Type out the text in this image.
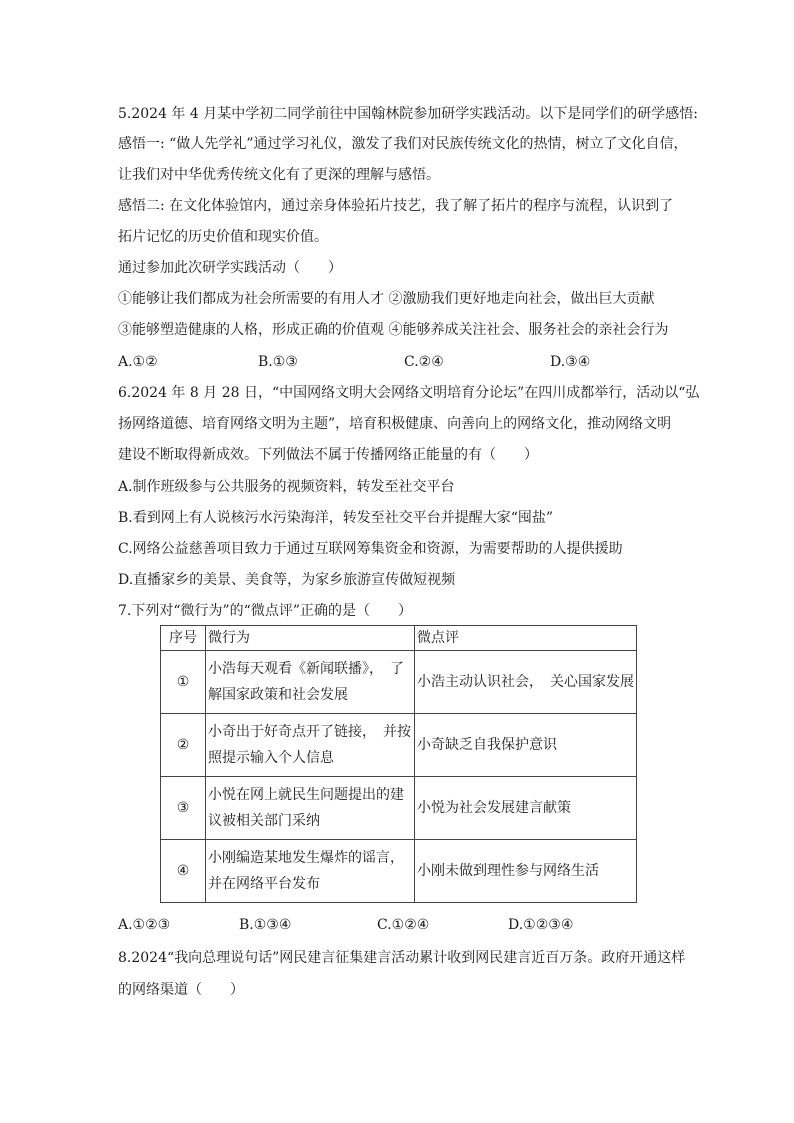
5.2024 年 4 月某中学初二同学前往中国翰林院参加研学实践活动。以下是同学们的研学感悟:
感悟一: “做人先学礼”通过学习礼仪，激发了我们对民族传统文化的热情，树立了文化自信，
让我们对中华优秀传统文化有了更深的理解与感悟。
感悟二: 在文化体验馆内，通过亲身体验拓片技艺，我了解了拓片的程序与流程，认识到了
拓片记忆的历史价值和现实价值。
通过参加此次研学实践活动（　　）
①能够让我们都成为社会所需要的有用人才 ②激励我们更好地走向社会，做出巨大贡献
③能够塑造健康的人格，形成正确的价值观 ④能够养成关注社会、服务社会的亲社会行为
A.①②	B.①③	C.②④	D.③④
6.2024 年 8 月 28 日，“中国网络文明大会网络文明培育分论坛”在四川成都举行，活动以“弘
扬网络道德、培育网络文明为主题”，培育积极健康、向善向上的网络文化，推动网络文明
建设不断取得新成效。下列做法不属于传播网络正能量的有（　　）
A.制作班级参与公共服务的视频资料，转发至社交平台
B.看到网上有人说核污水污染海洋，转发至社交平台并提醒大家“囤盐”
C.网络公益慈善项目致力于通过互联网筹集资金和资源，为需要帮助的人提供援助
D.直播家乡的美景、美食等，为家乡旅游宣传做短视频
7.下列对“微行为”的“微点评”正确的是（　　）
序号	微行为	微点评
①	小浩每天观看《新闻联播》，　了解国家政策和社会发展	小浩主动认识社会，　关心国家发展
②	小奇出于好奇点开了链接，　并按照提示输入个人信息	小奇缺乏自我保护意识
③	小悦在网上就民生问题提出的建议被相关部门采纳	小悦为社会发展建言献策
④	小刚编造某地发生爆炸的谣言，并在网络平台发布	小刚未做到理性参与网络生活
A.①②③	B.①③④	C.①②④	D.①②③④
8.2024“我向总理说句话”网民建言征集建言活动累计收到网民建言近百万条。政府开通这样
的网络渠道（　　）
